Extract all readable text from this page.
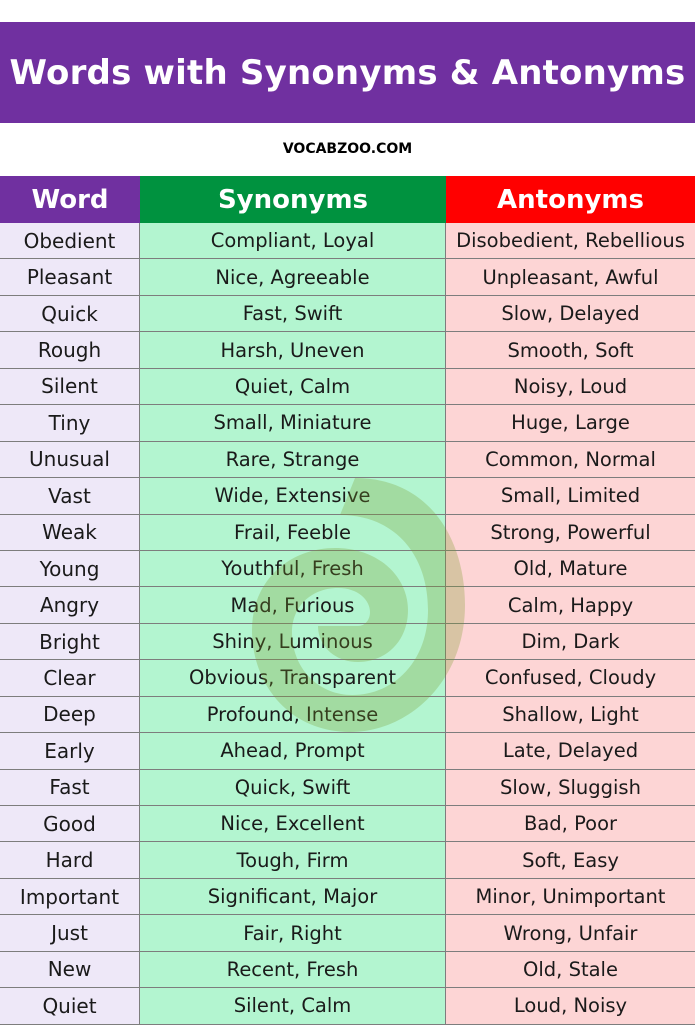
Words with Synonyms & Antonyms
VOCABZOO.COM
Word	Synonyms	Antonyms
Obedient	Compliant, Loyal	Disobedient, Rebellious
Pleasant	Nice, Agreeable	Unpleasant, Awful
Quick	Fast, Swift	Slow, Delayed
Rough	Harsh, Uneven	Smooth, Soft
Silent	Quiet, Calm	Noisy, Loud
Tiny	Small, Miniature	Huge, Large
Unusual	Rare, Strange	Common, Normal
Vast	Wide, Extensive	Small, Limited
Weak	Frail, Feeble	Strong, Powerful
Young	Youthful, Fresh	Old, Mature
Angry	Mad, Furious	Calm, Happy
Bright	Shiny, Luminous	Dim, Dark
Clear	Obvious, Transparent	Confused, Cloudy
Deep	Profound, Intense	Shallow, Light
Early	Ahead, Prompt	Late, Delayed
Fast	Quick, Swift	Slow, Sluggish
Good	Nice, Excellent	Bad, Poor
Hard	Tough, Firm	Soft, Easy
Important	Significant, Major	Minor, Unimportant
Just	Fair, Right	Wrong, Unfair
New	Recent, Fresh	Old, Stale
Quiet	Silent, Calm	Loud, Noisy
